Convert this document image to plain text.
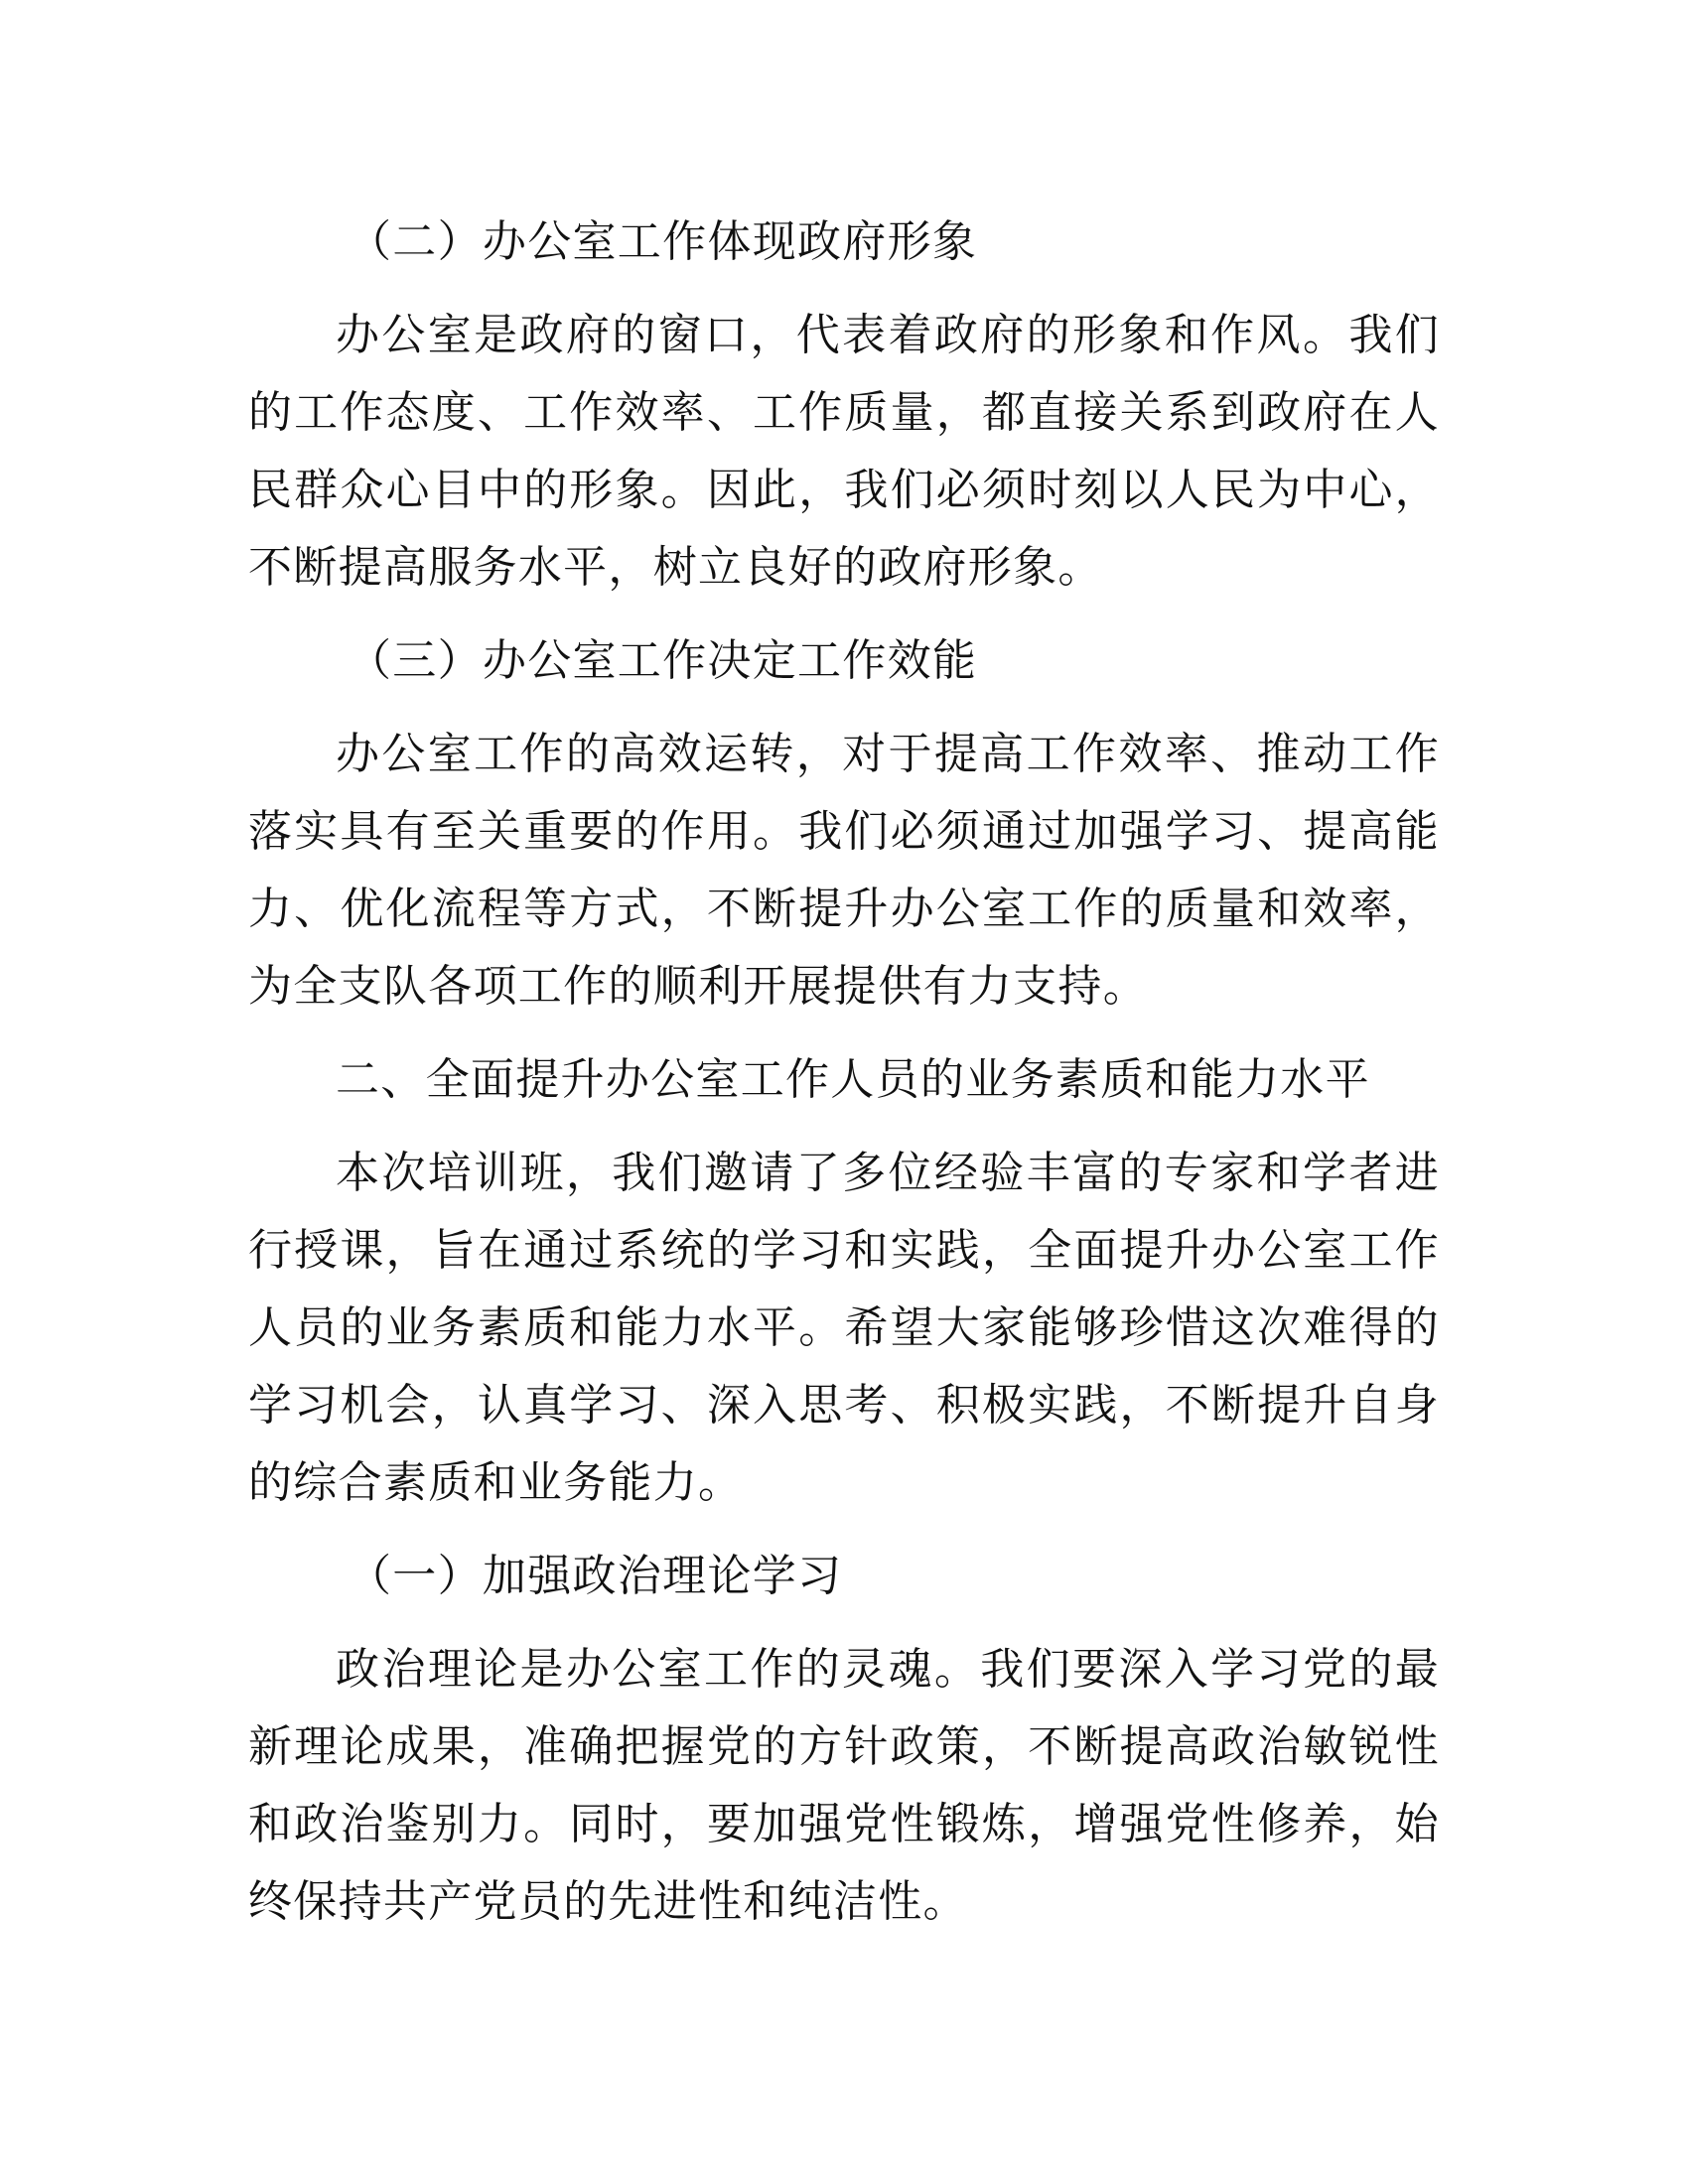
（二）办公室工作体现政府形象
办公室是政府的窗口，代表着政府的形象和作风。我们的工作态度、工作效率、工作质量，都直接关系到政府在人民群众心目中的形象。因此，我们必须时刻以人民为中心，不断提高服务水平，树立良好的政府形象。
（三）办公室工作决定工作效能
办公室工作的高效运转，对于提高工作效率、推动工作落实具有至关重要的作用。我们必须通过加强学习、提高能力、优化流程等方式，不断提升办公室工作的质量和效率，为全支队各项工作的顺利开展提供有力支持。
二、全面提升办公室工作人员的业务素质和能力水平
本次培训班，我们邀请了多位经验丰富的专家和学者进行授课，旨在通过系统的学习和实践，全面提升办公室工作人员的业务素质和能力水平。希望大家能够珍惜这次难得的学习机会，认真学习、深入思考、积极实践，不断提升自身的综合素质和业务能力。
（一）加强政治理论学习
政治理论是办公室工作的灵魂。我们要深入学习党的最新理论成果，准确把握党的方针政策，不断提高政治敏锐性和政治鉴别力。同时，要加强党性锻炼，增强党性修养，始终保持共产党员的先进性和纯洁性。
